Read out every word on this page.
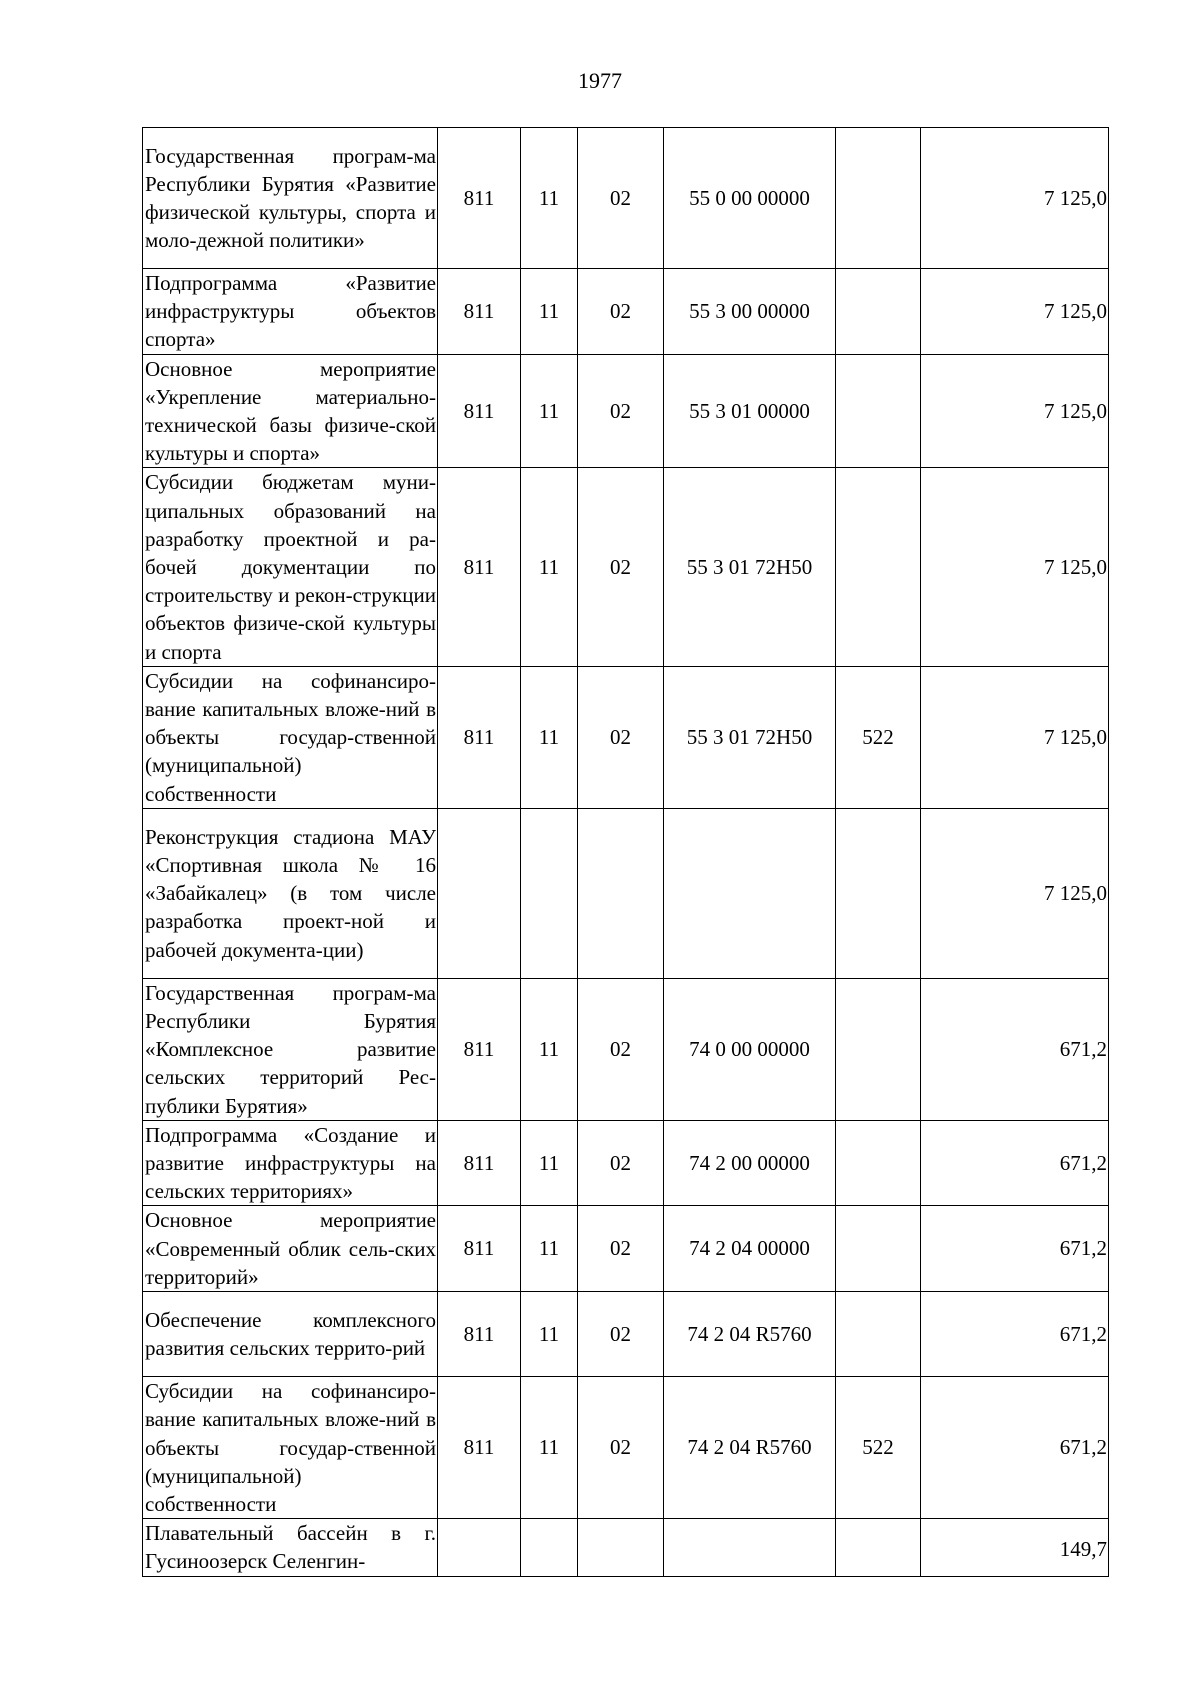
1977
Государственная програм-ма Республики Бурятия «Развитие физической культуры, спорта и моло-дежной политики»	811	11	02	55 0 00 00000		7 125,0
Подпрограмма «Развитие инфраструктуры объектов спорта»	811	11	02	55 3 00 00000		7 125,0
Основное мероприятие «Укрепление материально-технической базы физиче-ской культуры и спорта»	811	11	02	55 3 01 00000		7 125,0
Субсидии бюджетам муни-ципальных образований на разработку проектной и ра-бочей документации по строительству и рекон-струкции объектов физиче-ской культуры и спорта	811	11	02	55 3 01 72Н50		7 125,0
Субсидии на софинансиро-вание капитальных вложе-ний в объекты государ-ственной (муниципальной) собственности	811	11	02	55 3 01 72Н50	522	7 125,0
Реконструкция стадиона МАУ «Спортивная школа № 16 «Забайкалец» (в том числе разработка проект-ной и рабочей документа-ции)						7 125,0
Государственная програм-ма Республики Бурятия «Комплексное развитие сельских территорий Рес-публики Бурятия»	811	11	02	74 0 00 00000		671,2
Подпрограмма «Создание и развитие инфраструктуры на сельских территориях»	811	11	02	74 2 00 00000		671,2
Основное мероприятие «Современный облик сель-ских территорий»	811	11	02	74 2 04 00000		671,2
Обеспечение комплексного развития сельских террито-рий	811	11	02	74 2 04 R5760		671,2
Субсидии на софинансиро-вание капитальных вложе-ний в объекты государ-ственной (муниципальной) собственности	811	11	02	74 2 04 R5760	522	671,2
Плавательный бассейн в г. Гусиноозерск Селенгин-						149,7
